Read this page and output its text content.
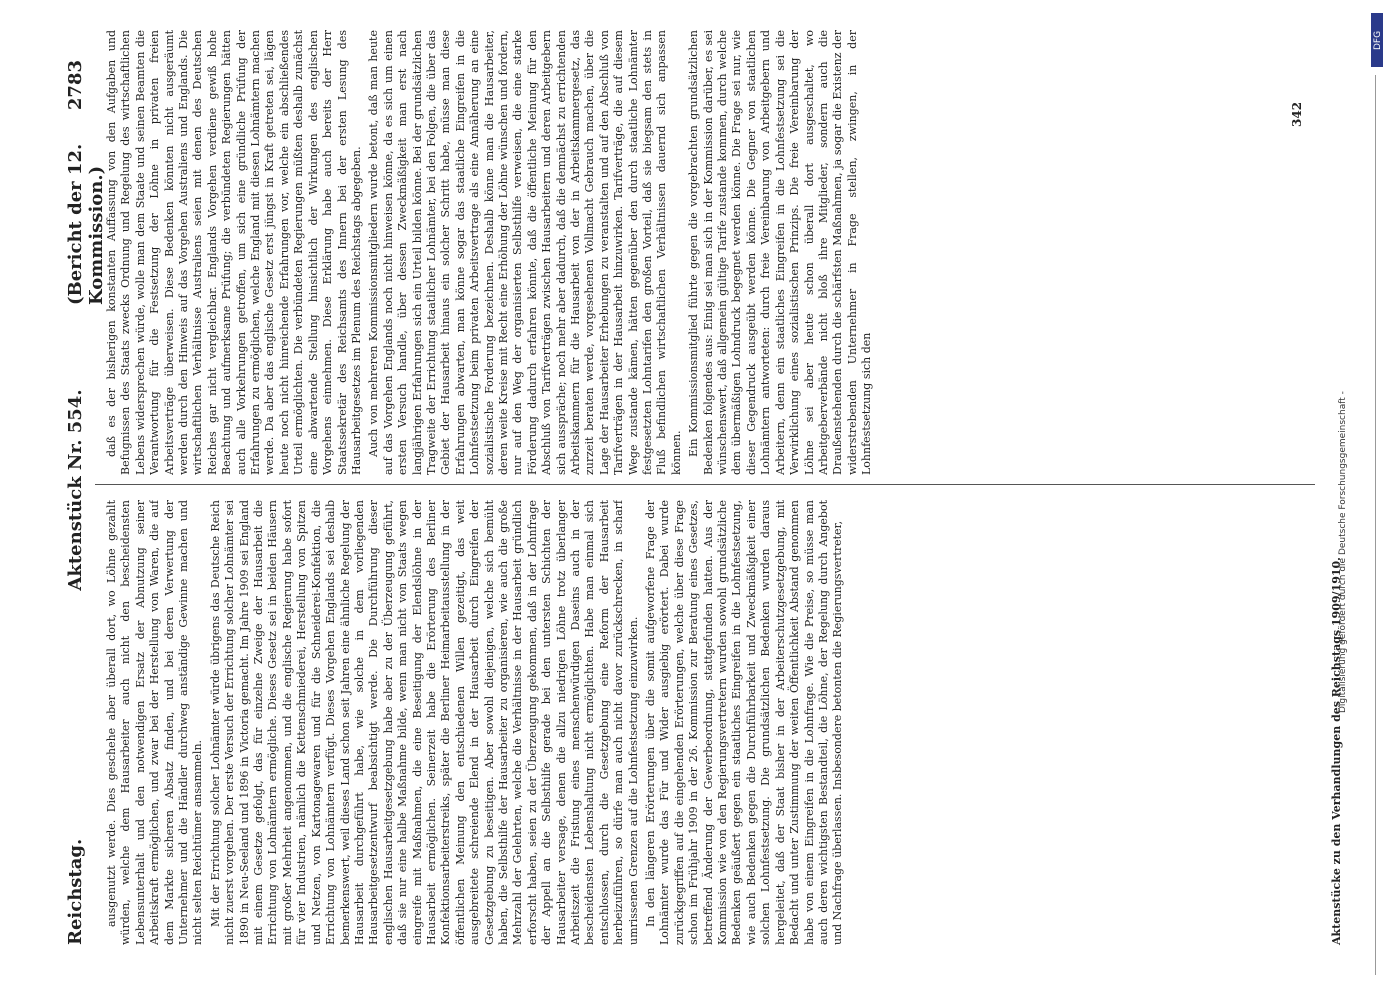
Reichstag.
Aktenstück Nr. 554.
(Bericht der 12. Kommission.)
2783

ausgenutzt werde. Dies geschehe aber überall dort, wo Löhne gezahlt würden, welche dem Hausarbeiter auch nicht den bescheidensten Lebensunterhalt und den notwendigen Ersatz der Abnutzung seiner Arbeitskraft ermöglichen, und zwar bei der Herstellung von Waren, die auf dem Markte sicheren Absatz finden, und bei deren Verwertung der Unternehmer und die Händler durchweg anständige Gewinne machen und nicht selten Reichtümer ansammeln. Mit der Errichtung solcher Lohnämter würde übrigens das Deutsche Reich nicht zuerst vorgehen. Der erste Versuch der Errichtung solcher Lohnämter sei 1890 in Neu-Seeland und 1896 in Victoria gemacht. Im Jahre 1909 sei England mit einem Gesetze gefolgt, das für einzelne Zweige der Hausarbeit die Errichtung von Lohnämtern ermögliche. Dieses Gesetz sei in beiden Häusern mit großer Mehrheit angenommen, und die englische Regierung habe sofort für vier Industrien, nämlich die Kettenschmiederei, Herstellung von Spitzen und Netzen, von Kartonagewaren und für die Schneiderei-Konfektion, die Errichtung von Lohnämtern verfügt. Dieses Vorgehen Englands sei deshalb bemerkenswert, weil dieses Land schon seit Jahren eine ähnliche Regelung der Hausarbeit durchgeführt habe, wie solche in dem vorliegenden Hausarbeitgesetzentwurf beabsichtigt werde. Die Durchführung dieser englischen Hausarbeitgesetzgebung habe aber zu der Überzeugung geführt, daß sie nur eine halbe Maßnahme bilde, wenn man nicht von Staats wegen eingreife mit Maßnahmen, die eine Beseitigung der Elendslöhne in der Hausarbeit ermöglichen. Seinerzeit habe die Erörterung des Berliner Konfektionsarbeiterstreiks, später die Berliner Heimarbeitausstellung in der öffentlichen Meinung den entschiedenen Willen gezeitigt, das weit ausgebreitete schreiende Elend in der Hausarbeit durch Eingreifen der Gesetzgebung zu beseitigen. Aber sowohl diejenigen, welche sich bemüht haben, die Selbsthilfe der Hausarbeiter zu organisieren, wie auch die große Mehrzahl der Gelehrten, welche die Verhältnisse in der Hausarbeit gründlich erforscht haben, seien zu der Überzeugung gekommen, daß in der Lohnfrage der Appell an die Selbsthilfe gerade bei den untersten Schichten der Hausarbeiter versage, denen die allzu niedrigen Löhne trotz überlanger Arbeitszeit die Fristung eines menschenwürdigen Daseins auch in der bescheidensten Lebenshaltung nicht ermöglichten. Habe man einmal sich entschlossen, durch die Gesetzgebung eine Reform der Hausarbeit herbeizuführen, so dürfe man auch nicht davor zurückschrecken, in scharf umrissenen Grenzen auf die Lohnfestsetzung einzuwirken. In den längeren Erörterungen über die somit aufgeworfene Frage der Lohnämter wurde das Für und Wider ausgiebig erörtert. Dabei wurde zurückgegriffen auf die eingehenden Erörterungen, welche über diese Frage schon im Frühjahr 1909 in der 26. Kommission zur Beratung eines Gesetzes, betreffend Änderung der Gewerbeordnung, stattgefunden hatten. Aus der Kommission wie von den Regierungsvertretern wurden sowohl grundsätzliche Bedenken geäußert gegen ein staatliches Eingreifen in die Lohnfestsetzung, wie auch Bedenken gegen die Durchführbarkeit und Zweckmäßigkeit einer solchen Lohnfestsetzung. Die grundsätzlichen Bedenken wurden daraus hergeleitet, daß der Staat bisher in der Arbeiterschutzgesetzgebung, mit Bedacht und unter Zustimmung der weiten Öffentlichkeit Abstand genommen habe von einem Eingreifen in die Lohnfrage. Wie die Preise, so müsse man auch deren wichtigsten Bestandteil, die Löhne, der Regelung durch Angebot und Nachfrage überlassen. Insbesondere betonten die Regierungsvertreter,

daß es der bisherigen konstanten Auffassung von den Aufgaben und Befugnissen des Staats zwecks Ordnung und Regelung des wirtschaftlichen Lebens widersprechen würde, wolle man dem Staate und seinen Beamten die Verantwortung für die Festsetzung der Löhne in privaten freien Arbeitsverträge überweisen. Diese Bedenken könnten nicht ausgeräumt werden durch den Hinweis auf das Vorgehen Australiens und Englands. Die wirtschaftlichen Verhältnisse Australiens seien mit denen des Deutschen Reiches gar nicht vergleichbar. Englands Vorgehen verdiene gewiß hohe Beachtung und aufmerksame Prüfung; die verbündeten Regierungen hätten auch alle Vorkehrungen getroffen, um sich eine gründliche Prüfung der Erfahrungen zu ermöglichen, welche England mit diesen Lohnämtern machen werde. Da aber das englische Gesetz erst jüngst in Kraft getreten sei, lägen heute noch nicht hinreichende Erfahrungen vor, welche ein abschließendes Urteil ermöglichten. Die verbündeten Regierungen müßten deshalb zunächst eine abwartende Stellung hinsichtlich der Wirkungen des englischen Vorgehens einnehmen. Diese Erklärung habe auch bereits der Herr Staatssekretär des Reichsamts des Innern bei der ersten Lesung des Hausarbeitgesetzes im Plenum des Reichstags abgegeben. Auch von mehreren Kommissionsmitgliedern wurde betont, daß man heute auf das Vorgehen Englands noch nicht hinweisen könne, da es sich um einen ersten Versuch handle, über dessen Zweckmäßigkeit man erst nach langjährigen Erfahrungen sich ein Urteil bilden könne. Bei der grundsätzlichen Tragweite der Errichtung staatlicher Lohnämter, bei den Folgen, die über das Gebiet der Hausarbeit hinaus ein solcher Schritt habe, müsse man diese Erfahrungen abwarten, man könne sogar das staatliche Eingreifen in die Lohnfestsetzung beim privaten Arbeitsvertrage als eine Annäherung an eine sozialistische Forderung bezeichnen. Deshalb könne man die Hausarbeiter, deren weite Kreise mit Recht eine Erhöhung der Löhne wünschen und fordern, nur auf den Weg der organisierten Selbsthilfe verweisen, die eine starke Förderung dadurch erfahren könnte, daß die öffentliche Meinung für den Abschluß von Tarifverträgen zwischen Hausarbeitern und deren Arbeitgebern sich ausspräche; noch mehr aber dadurch, daß die demnächst zu errichtenden Arbeitskammern für die Hausarbeit von der in Arbeitskammergesetz, das zurzeit beraten werde, vorgesehenen Vollmacht Gebrauch machen, über die Lage der Hausarbeiter Erhebungen zu veranstalten und auf den Abschluß von Tarifverträgen in der Hausarbeit hinzuwirken. Tarifverträge, die auf diesem Wege zustande kämen, hätten gegenüber den durch staatliche Lohnämter festgesetzten Lohntarifen den großen Vorteil, daß sie biegsam den stets in Fluß befindlichen wirtschaftlichen Verhältnissen dauernd sich anpassen können. Ein Kommissionsmitglied führte gegen die vorgebrachten grundsätzlichen Bedenken folgendes aus: Einig sei man sich in der Kommission darüber, es sei wünschenswert, daß allgemein gültige Tarife zustande kommen, durch welche dem übermäßigen Lohndruck begegnet werden könne. Die Frage sei nur, wie dieser Gegendruck ausgeübt werden könne. Die Gegner von staatlichen Lohnämtern antworteten: durch freie Vereinbarung von Arbeitgebern und Arbeitern, denn ein staatliches Eingreifen in die Lohnfestsetzung sei die Verwirklichung eines sozialistischen Prinzips. Die freie Vereinbarung der Löhne sei aber heute schon überall dort ausgeschaltet, wo Arbeitgeberverbände nicht bloß ihre Mitglieder, sondern auch die Draußenstehenden durch die schärfsten Maßnahmen, ja sogar die Existenz der widerstrebenden Unternehmer in Frage stellen, zwingen, in der Lohnfestsetzung sich den

Aktenstücke zu den Verhandlungen des Reichstags 1909/1910.
342
Digitalisierung gefördert durch die Deutsche Forschungsgemeinschaft -
DFG
